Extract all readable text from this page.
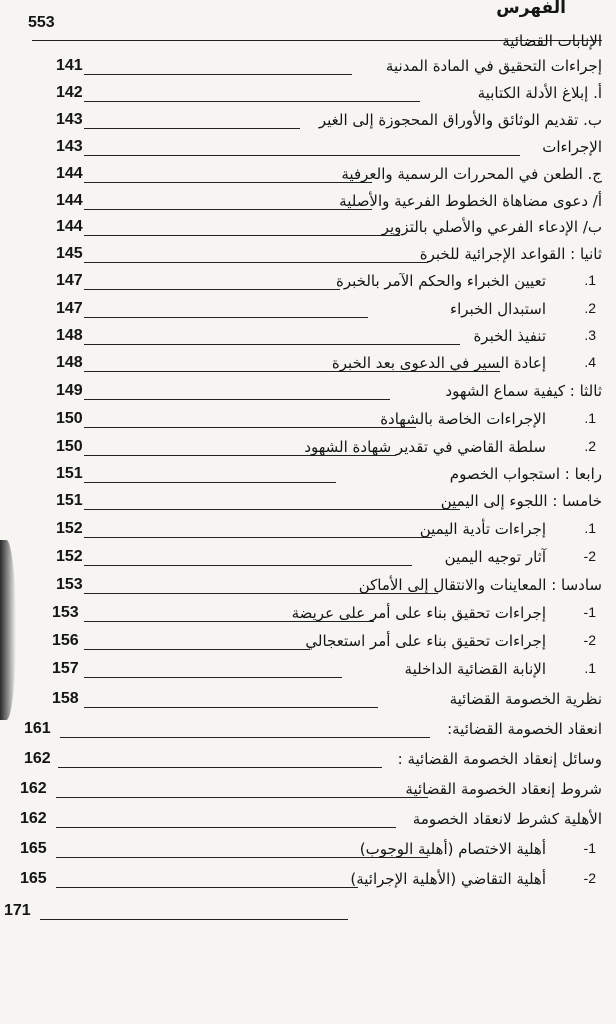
الفهرس
553
الإنابات القضائية
إجراءات التحقيق في المادة المدنية
141
أ. إبلاغ الأدلة الكتابية
142
ب. تقديم الوثائق والأوراق المحجوزة إلى الغير
143
الإجراءات
143
ج. الطعن في المحررات الرسمية والعرفية
144
أ/ دعوى مضاهاة الخطوط الفرعية والأصلية
144
ب/ الإدعاء الفرعي والأصلي بالتزوير
144
ثانيا : القواعد الإجرائية للخبرة
145
.1
تعيين الخبراء والحكم الآمر بالخبرة
147
.2
استبدال الخبراء
147
.3
تنفيذ الخبرة
148
.4
إعادة السير في الدعوى بعد الخبرة
148
ثالثا : كيفية سماع الشهود
149
.1
الإجراءات الخاصة بالشهادة
150
.2
سلطة القاضي في تقدير شهادة الشهود
150
رابعا : استجواب الخصوم
151
خامسا : اللجوء إلى اليمين
151
.1
إجراءات تأدية اليمين
152
-2
آثار توجيه اليمين
152
سادسا : المعاينات والانتقال إلى الأماكن
153
-1
إجراءات تحقيق بناء على أمر على عريضة
153
-2
إجراءات تحقيق بناء على أمر استعجالي
156
.1
الإنابة القضائية الداخلية
157
نظرية الخصومة القضائية
158
انعقاد الخصومة القضائية:
161
وسائل إنعقاد الخصومة القضائية :
162
شروط إنعقاد الخصومة القضائية
162
الأهلية كشرط لانعقاد الخصومة
162
-1
أهلية الاختصام (أهلية الوجوب)
165
-2
أهلية التقاضي (الأهلية الإجرائية)
165
171
